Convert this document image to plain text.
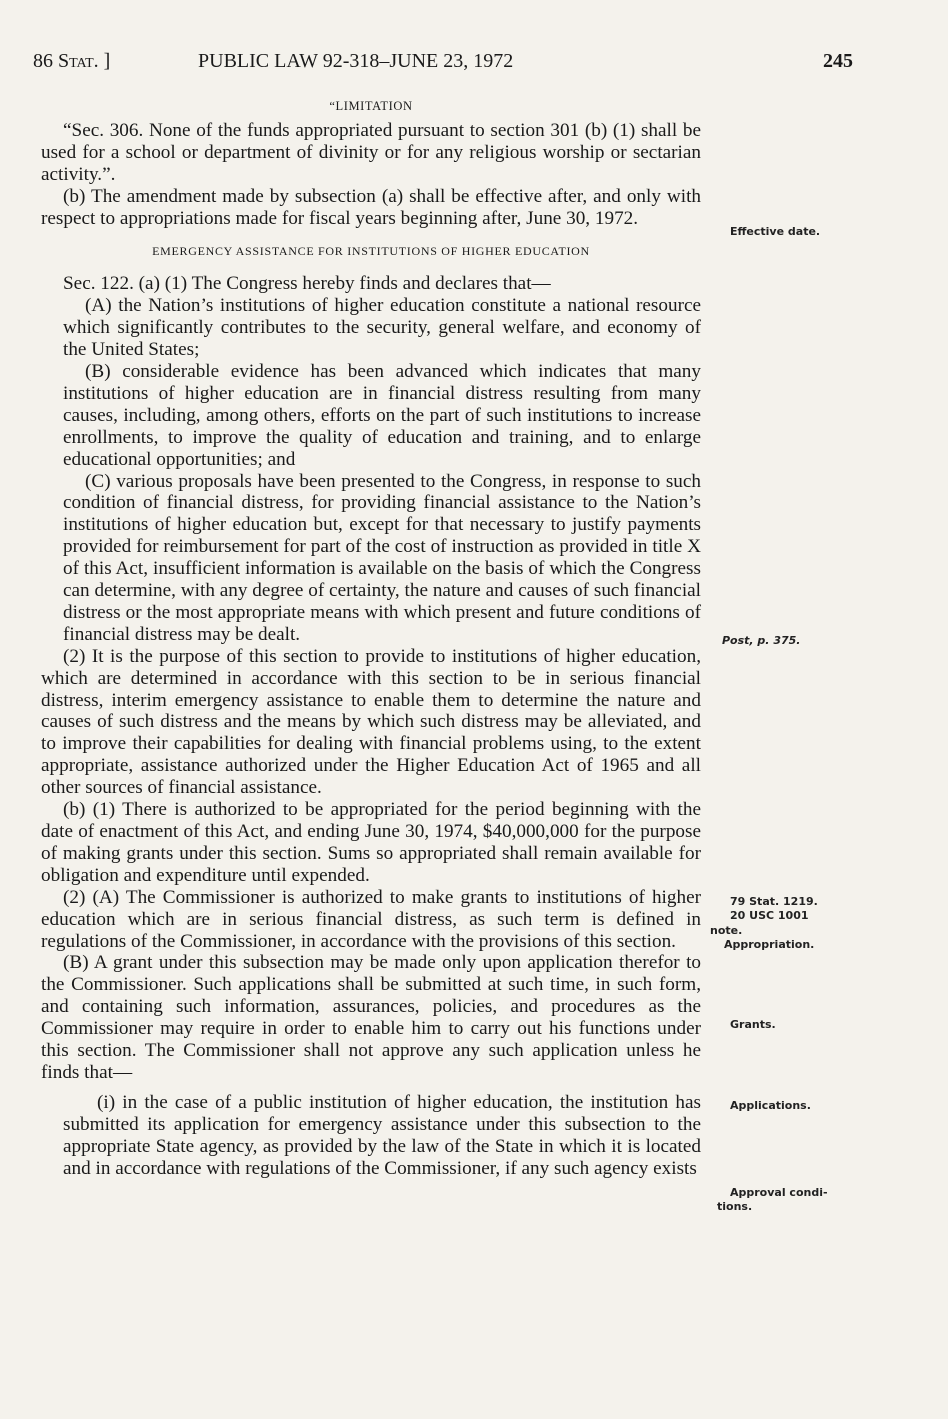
86 Stat. ]	PUBLIC LAW 92-318–JUNE 23, 1972	245

“LIMITATION

“Sec. 306. None of the funds appropriated pursuant to section 301 (b) (1) shall be used for a school or department of divinity or for any religious worship or sectarian activity.”.

(b) The amendment made by subsection (a) shall be effective after, and only with respect to appropriations made for fiscal years beginning after, June 30, 1972.

EMERGENCY ASSISTANCE FOR INSTITUTIONS OF HIGHER EDUCATION

Sec. 122. (a) (1) The Congress hereby finds and declares that—

(A) the Nation’s institutions of higher education constitute a national resource which significantly contributes to the security, general welfare, and economy of the United States;

(B) considerable evidence has been advanced which indicates that many institutions of higher education are in financial distress resulting from many causes, including, among others, efforts on the part of such institutions to increase enrollments, to improve the quality of education and training, and to enlarge educational opportunities; and

(C) various proposals have been presented to the Congress, in response to such condition of financial distress, for providing financial assistance to the Nation’s institutions of higher education but, except for that necessary to justify payments provided for reimbursement for part of the cost of instruction as provided in title X of this Act, insufficient information is available on the basis of which the Congress can determine, with any degree of certainty, the nature and causes of such financial distress or the most appropriate means with which present and future conditions of financial distress may be dealt.

(2) It is the purpose of this section to provide to institutions of higher education, which are determined in accordance with this section to be in serious financial distress, interim emergency assistance to enable them to determine the nature and causes of such distress and the means by which such distress may be alleviated, and to improve their capabilities for dealing with financial problems using, to the extent appropriate, assistance authorized under the Higher Education Act of 1965 and all other sources of financial assistance.

(b) (1) There is authorized to be appropriated for the period beginning with the date of enactment of this Act, and ending June 30, 1974, $40,000,000 for the purpose of making grants under this section. Sums so appropriated shall remain available for obligation and expenditure until expended.

(2) (A) The Commissioner is authorized to make grants to institutions of higher education which are in serious financial distress, as such term is defined in regulations of the Commissioner, in accordance with the provisions of this section.

(B) A grant under this subsection may be made only upon application therefor to the Commissioner. Such applications shall be submitted at such time, in such form, and containing such information, assurances, policies, and procedures as the Commissioner may require in order to enable him to carry out his functions under this section. The Commissioner shall not approve any such application unless he finds that—

(i) in the case of a public institution of higher education, the institution has submitted its application for emergency assistance under this subsection to the appropriate State agency, as provided by the law of the State in which it is located and in accordance with regulations of the Commissioner, if any such agency exists

Effective date.
Post, p. 375.
79 Stat. 1219.
20 USC 1001
note.
Appropriation.
Grants.
Applications.
Approval condi-
tions.
